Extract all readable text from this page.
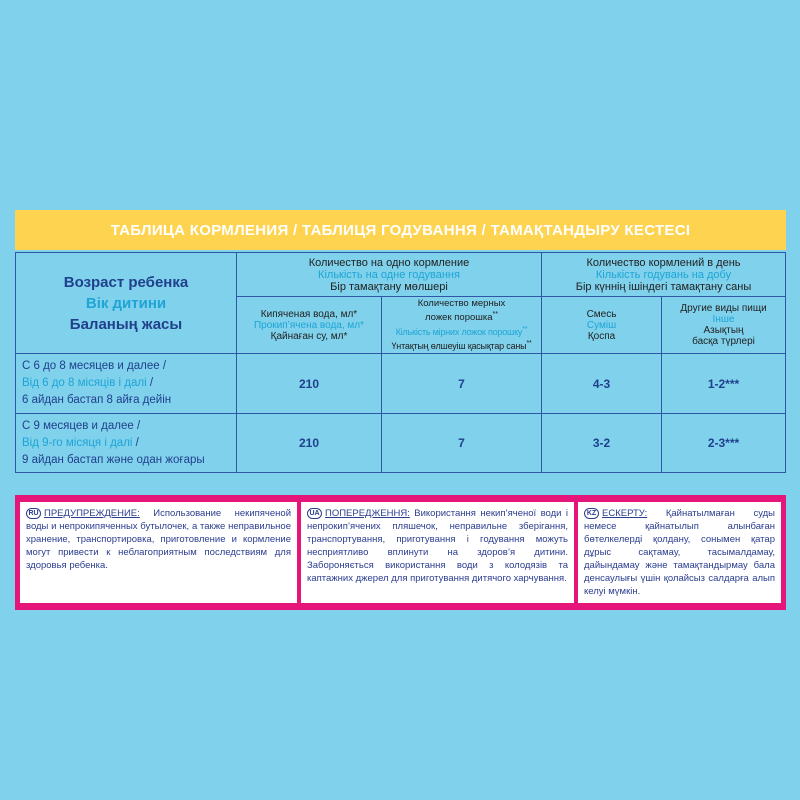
ТАБЛИЦА КОРМЛЕНИЯ / ТАБЛИЦЯ ГОДУВАННЯ / ТАМАҚТАНДЫРУ КЕСТЕСІ
Возраст ребенка
Вік дитини
Баланың жасы
Количество на одно кормление
Кількість на одне годування
Бір тамақтану мөлшері
Количество кормлений в день
Кількість годувань на добу
Бір күннің ішіндегі тамақтану саны
Кипяченая вода, мл*
Прокип’ячена вода, мл*
Қайнаған су, мл*
Количество мерных
ложек порошка**
Кількість мірних ложок порошку**
Үнтақтың өлшеуіш қасықтар саны**
Смесь
Суміш
Қоспа
Другие виды пищи
Інше
Азықтың
басқа түрлері
С 6 до 8 месяцев и далее /
Від 6 до 8 місяців і далі /
6 айдан бастап 8 айға дейін
210	7	4-3	1-2***
С 9 месяцев и далее /
Від 9-го місяця і далі /
9 айдан бастап және одан жоғары
210	7	3-2	2-3***
RU ПРЕДУПРЕЖДЕНИЕ: Использование некипяченой воды и непрокипяченных бутылочек, а также неправильное хранение, транспортировка, приготовление и кормление могут привести к неблагоприятным последствиям для здоровья ребенка.
UA ПОПЕРЕДЖЕННЯ: Використання некип’яченої води і непрокип’ячених пляшечок, неправильне зберігання, транспортування, приготування і годування можуть несприятливо вплинути на здоров’я дитини. Забороняється використання води з колодязів та каптажних джерел для приготування дитячого харчування.
KZ ЕСКЕРТУ: Қайнатылмаған суды немесе қайнатылып алынбаған бөтелкелерді қолдану, сонымен қатар дұрыс сақтамау, тасымалдамау, дайындамау және тамақтандырмау бала денсаулығы үшін қолайсыз салдарға алып келуі мүмкін.
